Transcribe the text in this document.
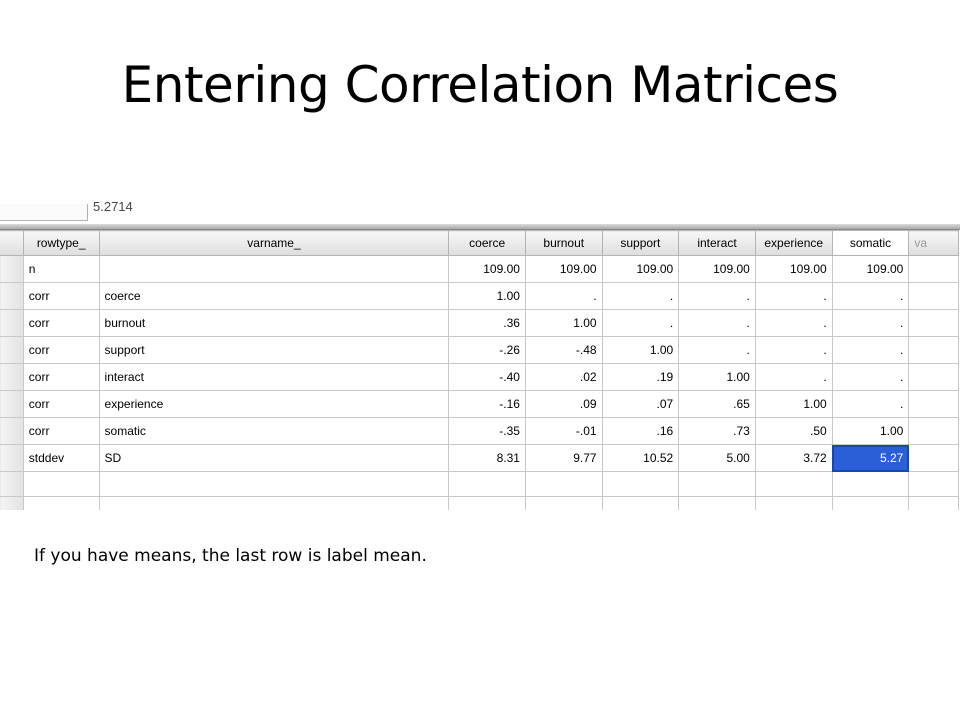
Entering Correlation Matrices
5.2714
	rowtype_	varname_	coerce	burnout	support	interact	experience	somatic	va
	n		109.00	109.00	109.00	109.00	109.00	109.00	
	corr	coerce	1.00	.	.	.	.	.	
	corr	burnout	.36	1.00	.	.	.	.	
	corr	support	-.26	-.48	1.00	.	.	.	
	corr	interact	-.40	.02	.19	1.00	.	.	
	corr	experience	-.16	.09	.07	.65	1.00	.	
	corr	somatic	-.35	-.01	.16	.73	.50	1.00	
	stddev	SD	8.31	9.77	10.52	5.00	3.72	5.27	

If you have means, the last row is label mean.
